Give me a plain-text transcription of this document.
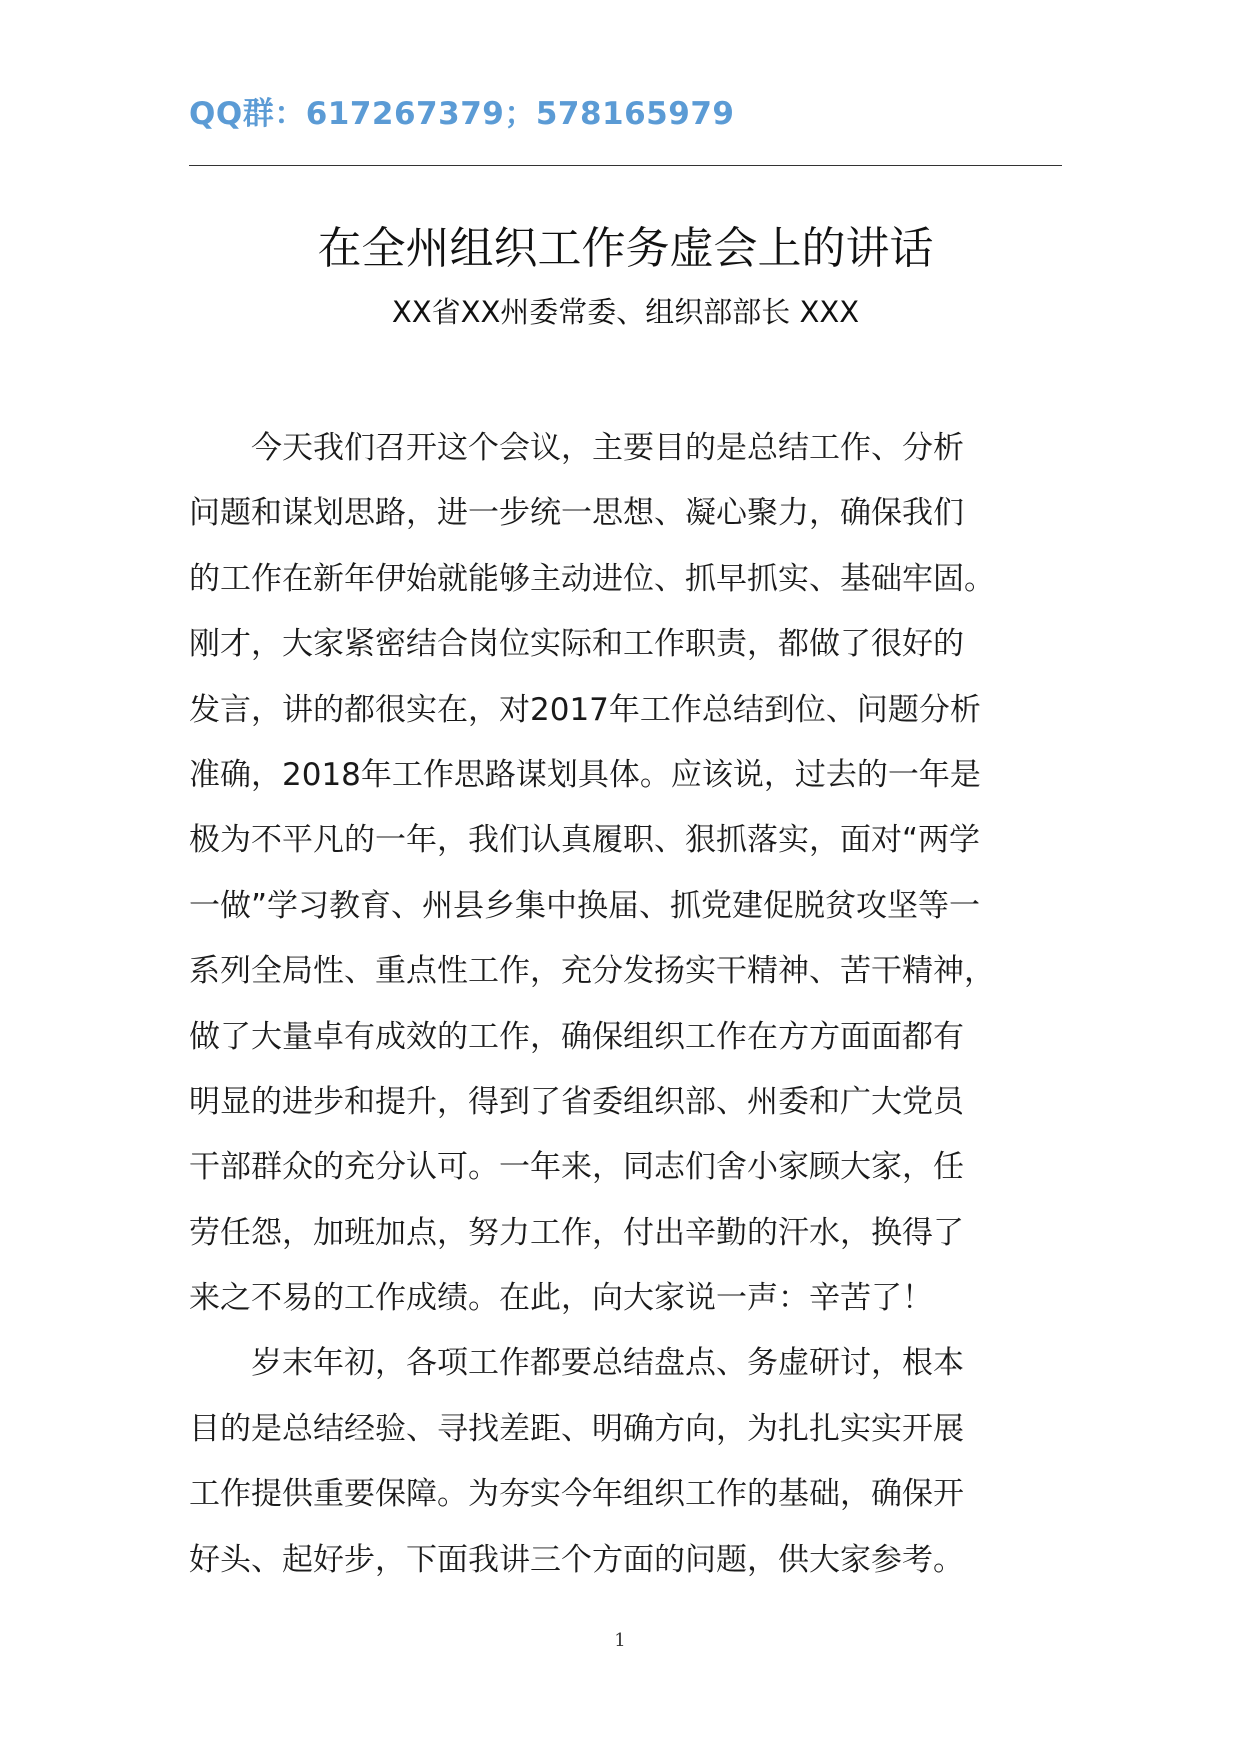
QQ群：617267379；578165979
在全州组织工作务虚会上的讲话
XX省XX州委常委、组织部部长 XXX
　　今天我们召开这个会议，主要目的是总结工作、分析
问题和谋划思路，进一步统一思想、凝心聚力，确保我们
的工作在新年伊始就能够主动进位、抓早抓实、基础牢固。
刚才，大家紧密结合岗位实际和工作职责，都做了很好的
发言，讲的都很实在，对2017年工作总结到位、问题分析
准确，2018年工作思路谋划具体。应该说，过去的一年是
极为不平凡的一年，我们认真履职、狠抓落实，面对“两学
一做”学习教育、州县乡集中换届、抓党建促脱贫攻坚等一
系列全局性、重点性工作，充分发扬实干精神、苦干精神，
做了大量卓有成效的工作，确保组织工作在方方面面都有
明显的进步和提升，得到了省委组织部、州委和广大党员
干部群众的充分认可。一年来，同志们舍小家顾大家，任
劳任怨，加班加点，努力工作，付出辛勤的汗水，换得了
来之不易的工作成绩。在此，向大家说一声：辛苦了！
　　岁末年初，各项工作都要总结盘点、务虚研讨，根本
目的是总结经验、寻找差距、明确方向，为扎扎实实开展
工作提供重要保障。为夯实今年组织工作的基础，确保开
好头、起好步，下面我讲三个方面的问题，供大家参考。
1
